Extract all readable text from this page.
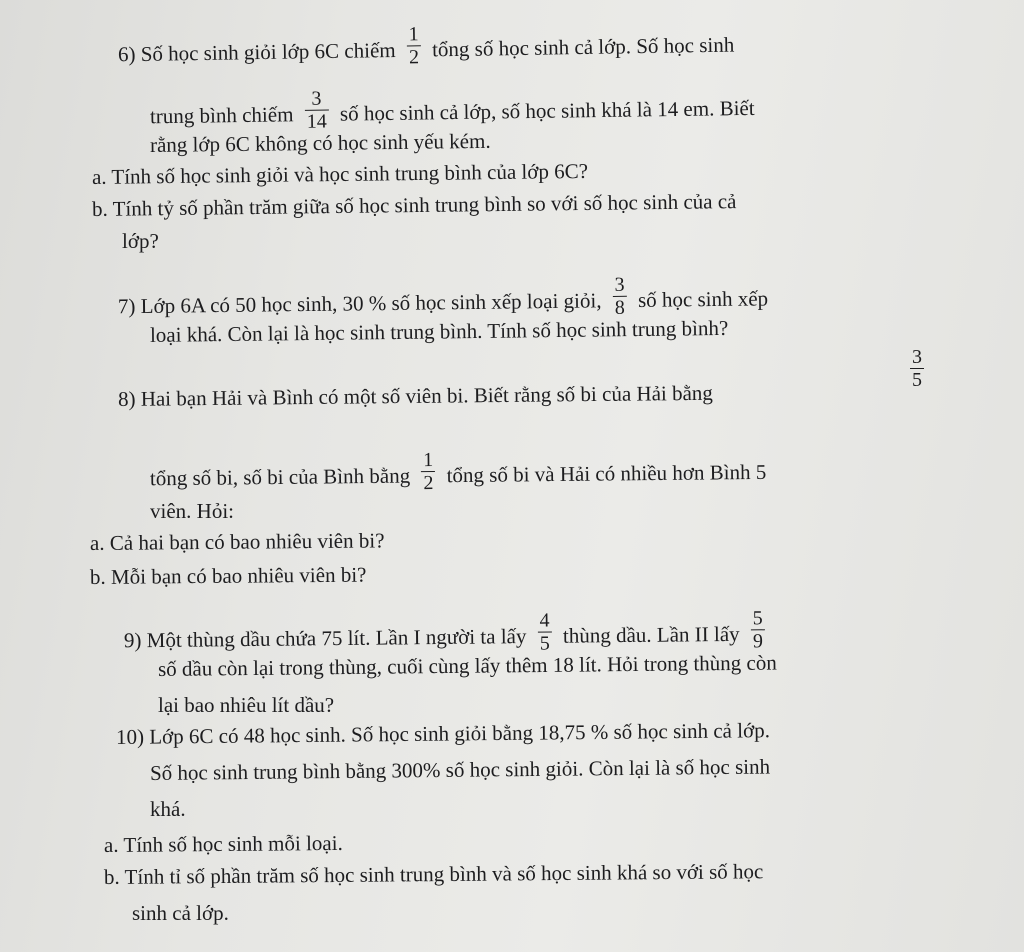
6) Số học sinh giỏi lớp 6C chiếm $\frac{1}{2}$ tổng số học sinh cả lớp. Số học sinh
trung bình chiếm $\frac{3}{14}$ số học sinh cả lớp, số học sinh khá là 14 em. Biết
rằng lớp 6C không có học sinh yếu kém.
a. Tính số học sinh giỏi và học sinh trung bình của lớp 6C?
b. Tính tỷ số phần trăm giữa số học sinh trung bình so với số học sinh của cả
lớp?
7) Lớp 6A có 50 học sinh, 30 % số học sinh xếp loại giỏi, $\frac{3}{8}$ số học sinh xếp
loại khá. Còn lại là học sinh trung bình. Tính số học sinh trung bình?
8) Hai bạn Hải và Bình có một số viên bi. Biết rằng số bi của Hải bằng
$\frac{3}{5}$
tổng số bi, số bi của Bình bằng $\frac{1}{2}$ tổng số bi và Hải có nhiều hơn Bình 5
viên. Hỏi:
a. Cả hai bạn có bao nhiêu viên bi?
b. Mỗi bạn có bao nhiêu viên bi?
9) Một thùng dầu chứa 75 lít. Lần I người ta lấy $\frac{4}{5}$ thùng dầu. Lần II lấy $\frac{5}{9}$
số dầu còn lại trong thùng, cuối cùng lấy thêm 18 lít. Hỏi trong thùng còn
lại bao nhiêu lít dầu?
10) Lớp 6C có 48 học sinh. Số học sinh giỏi bằng 18,75 % số học sinh cả lớp.
Số học sinh trung bình bằng 300% số học sinh giỏi. Còn lại là số học sinh
khá.
a. Tính số học sinh mỗi loại.
b. Tính tỉ số phần trăm số học sinh trung bình và số học sinh khá so với số học
sinh cả lớp.
